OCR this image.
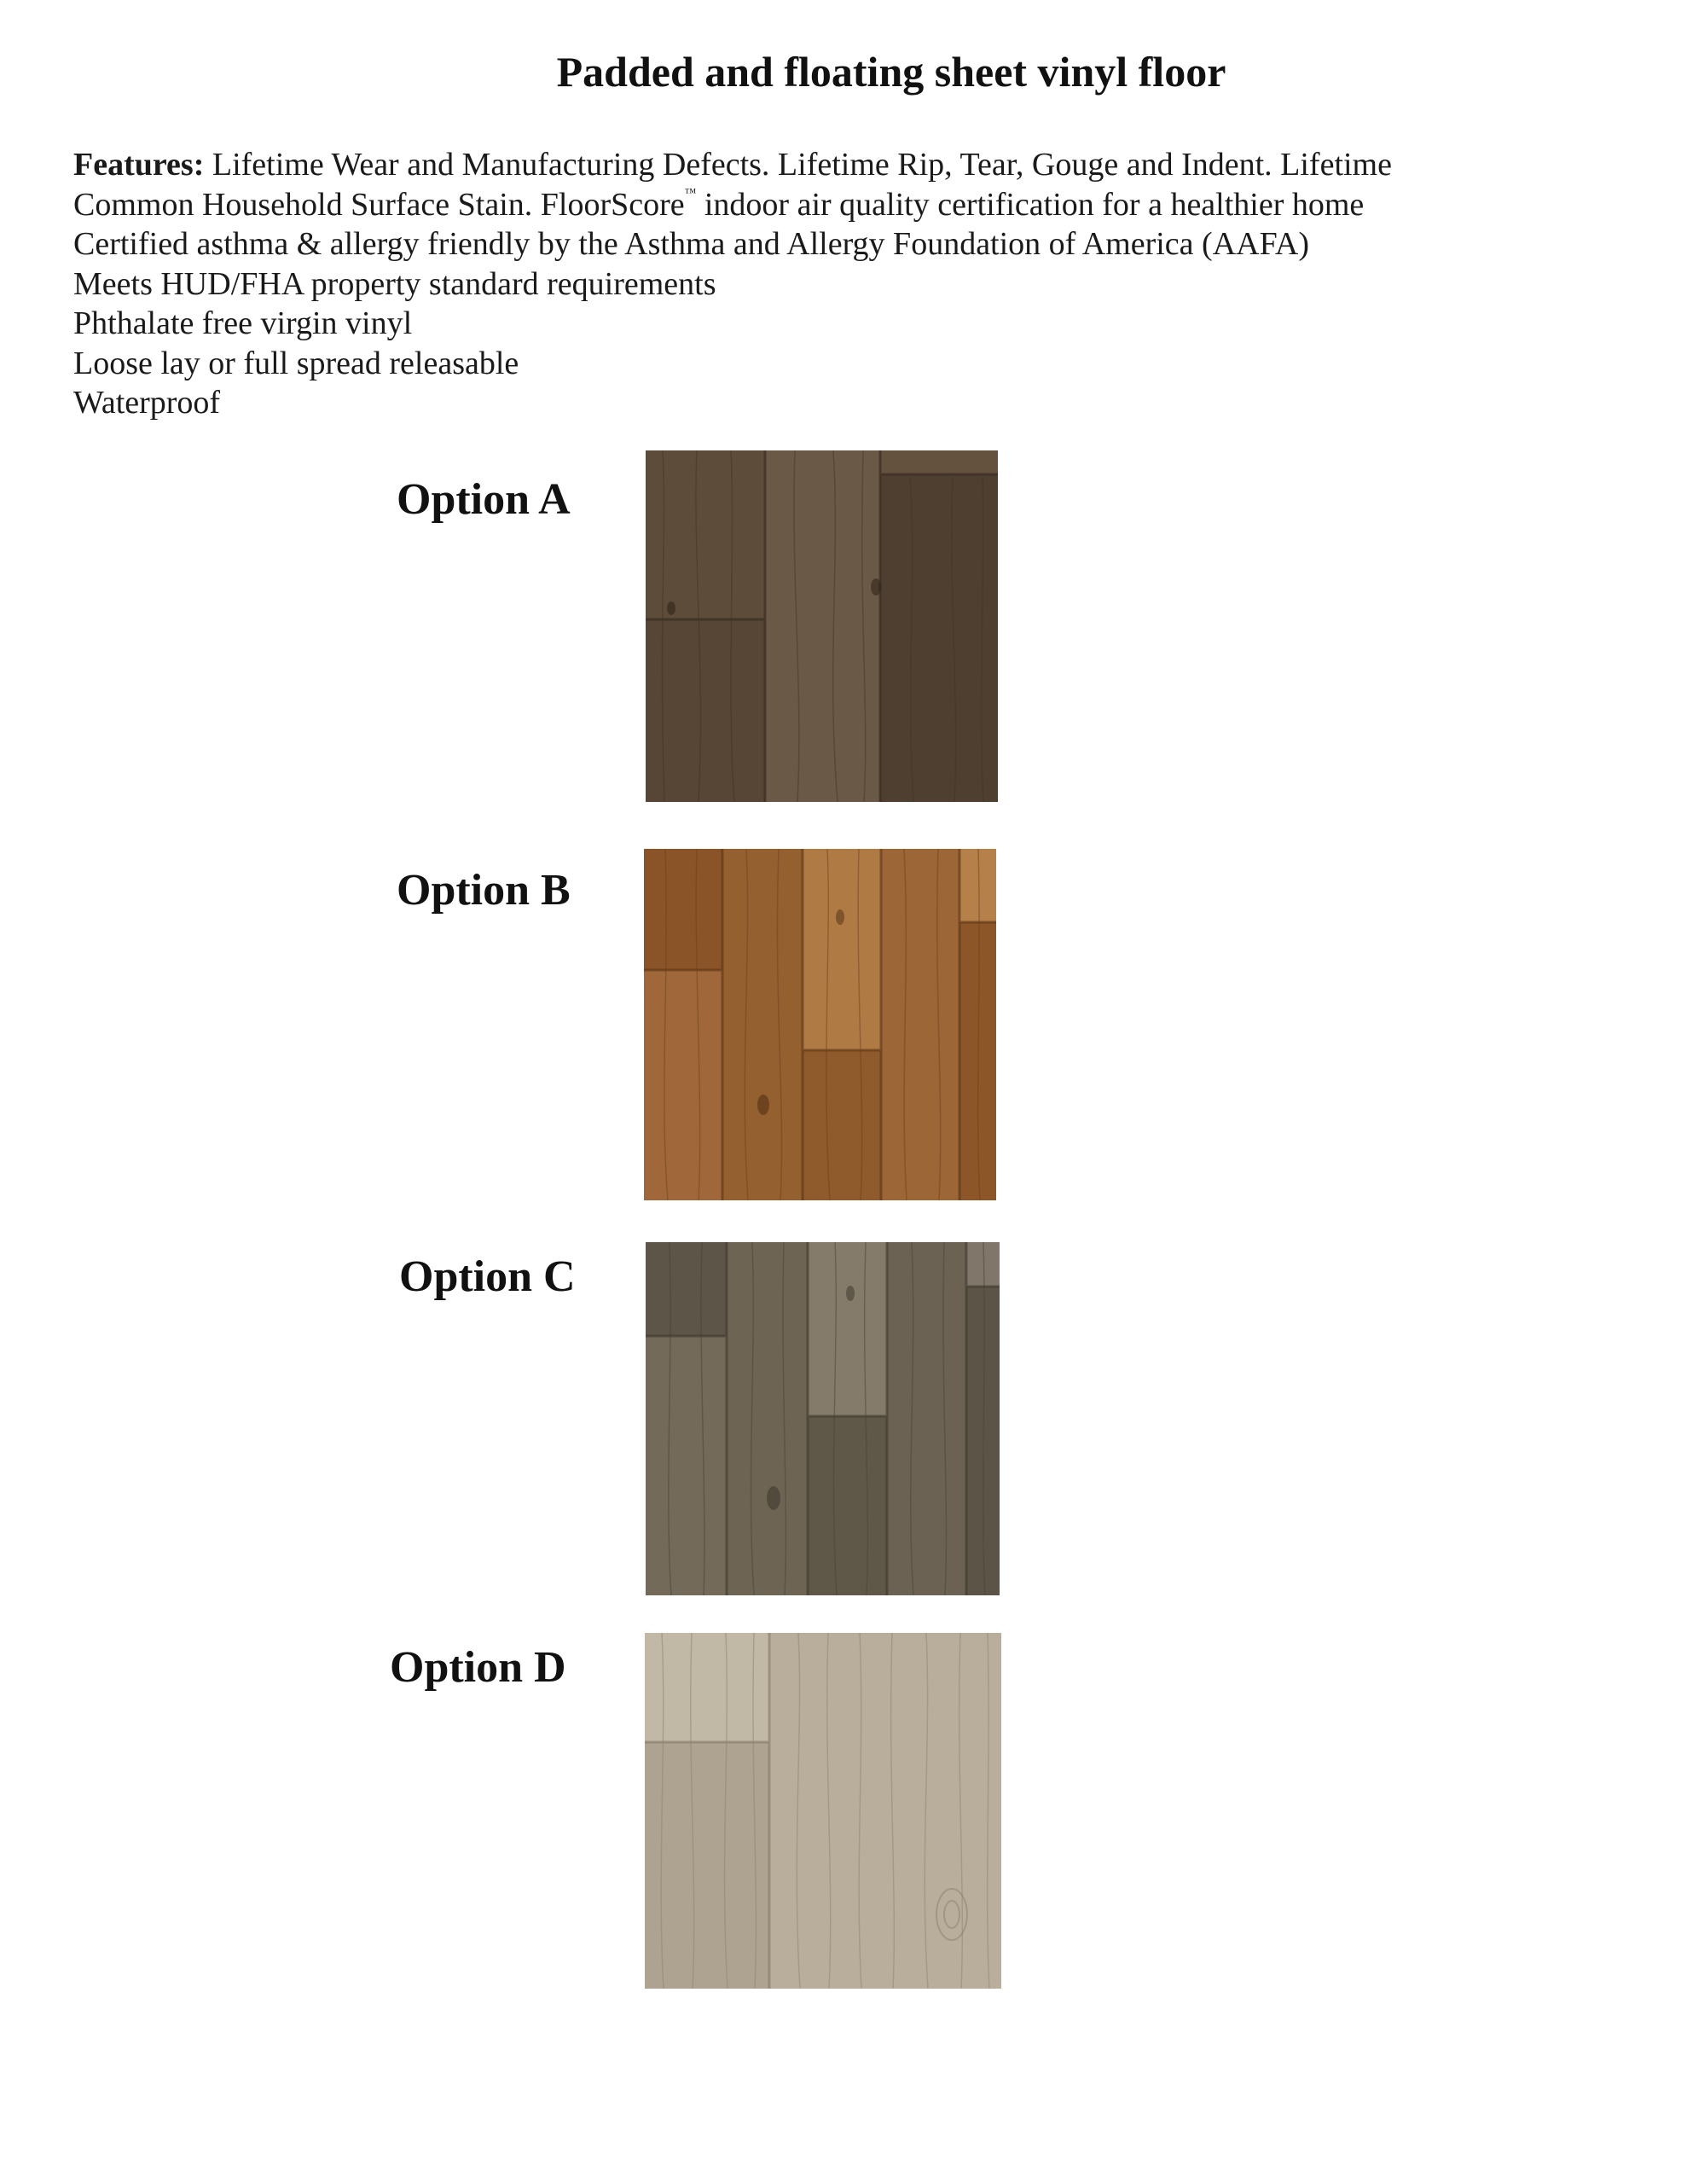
Padded and floating sheet vinyl floor
Features: Lifetime Wear and Manufacturing Defects. Lifetime Rip, Tear, Gouge and Indent. Lifetime
Common Household Surface Stain. FloorScore™ indoor air quality certification for a healthier home
Certified asthma & allergy friendly by the Asthma and Allergy Foundation of America (AAFA)
Meets HUD/FHA property standard requirements
Phthalate free virgin vinyl
Loose lay or full spread releasable
Waterproof
Option A
Option B
Option C
Option D
